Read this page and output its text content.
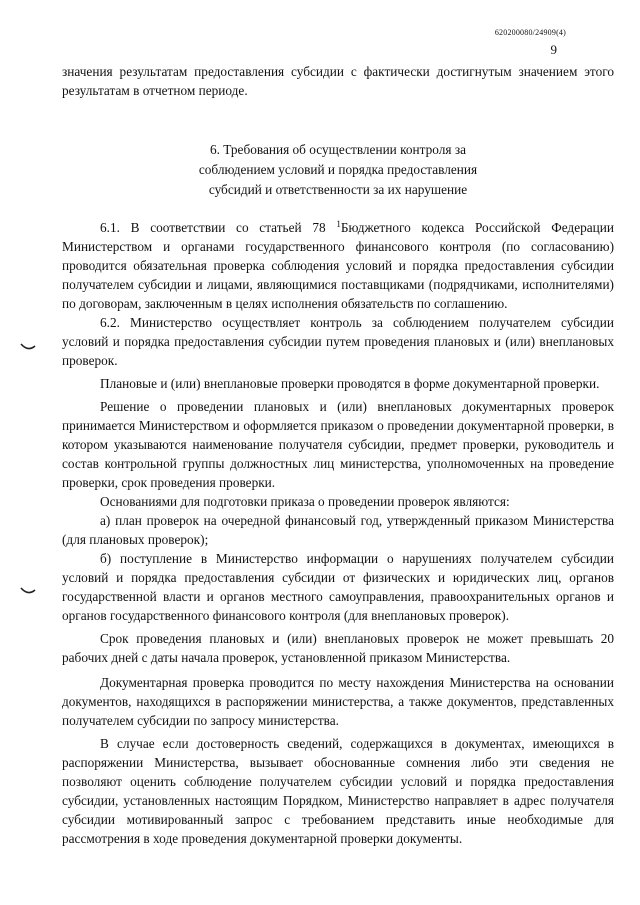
620200080/24909(4)
9

значения результатам предоставления субсидии с фактически достигнутым значением этого результатам в отчетном периоде.

6. Требования об осуществлении контроля за
соблюдением условий и порядка предоставления
субсидий и ответственности за их нарушение

6.1. В соответствии со статьей 78 $^1$Бюджетного кодекса Российской Федерации Министерством и органами государственного финансового контроля (по согласованию) проводится обязательная проверка соблюдения условий и порядка предоставления субсидии получателем субсидии и лицами, являющимися поставщиками (подрядчиками, исполнителями) по договорам, заключенным в целях исполнения обязательств по соглашению.

6.2. Министерство осуществляет контроль за соблюдением получателем субсидии условий и порядка предоставления субсидии путем проведения плановых и (или) внеплановых проверок.

Плановые и (или) внеплановые проверки проводятся в форме документарной проверки.

Решение о проведении плановых и (или) внеплановых документарных проверок принимается Министерством и оформляется приказом о проведении документарной проверки, в котором указываются наименование получателя субсидии, предмет проверки, руководитель и состав контрольной группы должностных лиц министерства, уполномоченных на проведение проверки, срок проведения проверки.

Основаниями для подготовки приказа о проведении проверок являются:

а) план проверок на очередной финансовый год, утвержденный приказом Министерства (для плановых проверок);

б) поступление в Министерство информации о нарушениях получателем субсидии условий и порядка предоставления субсидии от физических и юридических лиц, органов государственной власти и органов местного самоуправления, правоохранительных органов и органов государственного финансового контроля (для внеплановых проверок).

Срок проведения плановых и (или) внеплановых проверок не может превышать 20 рабочих дней с даты начала проверок, установленной приказом Министерства.

Документарная проверка проводится по месту нахождения Министерства на основании документов, находящихся в распоряжении министерства, а также документов, представленных получателем субсидии по запросу министерства.

В случае если достоверность сведений, содержащихся в документах, имеющихся в распоряжении Министерства, вызывает обоснованные сомнения либо эти сведения не позволяют оценить соблюдение получателем субсидии условий и порядка предоставления субсидии, установленных настоящим Порядком, Министерство направляет в адрес получателя субсидии мотивированный запрос с требованием представить иные необходимые для рассмотрения в ходе проведения документарной проверки документы.
